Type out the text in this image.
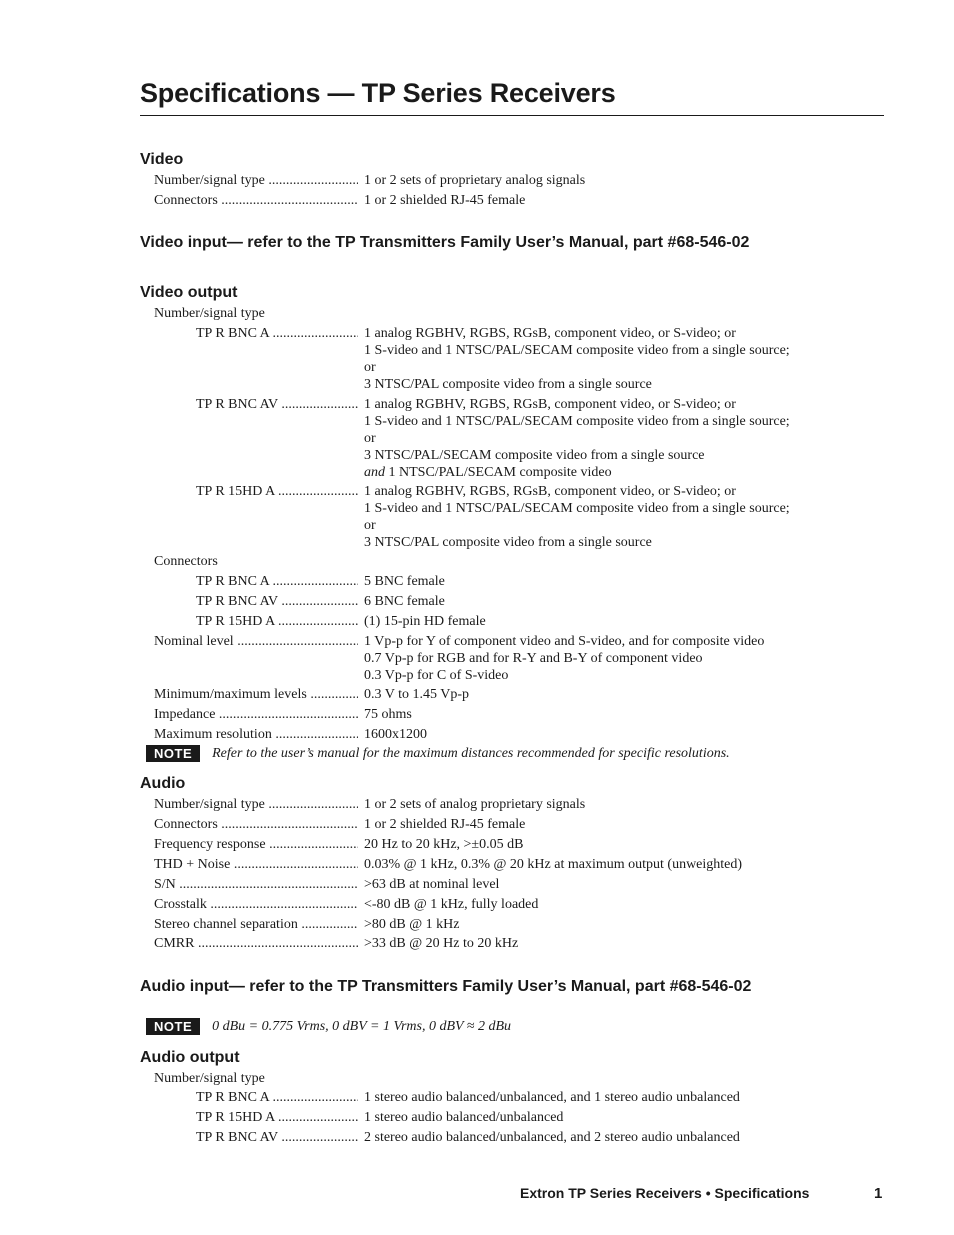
Specifications — TP Series Receivers
Video
Number/signal type .....	1 or 2 sets of proprietary analog signals
Connectors .....	1 or 2 shielded RJ-45 female
Video input— refer to the TP Transmitters Family User’s Manual, part #68-546-02
Video output
Number/signal type
TP R BNC A .....	1 analog RGBHV, RGBS, RGsB, component video, or S-video; or
1 S-video and 1 NTSC/PAL/SECAM composite video from a single source;
or
3 NTSC/PAL composite video from a single source
TP R BNC AV .....	1 analog RGBHV, RGBS, RGsB, component video, or S-video; or
1 S-video and 1 NTSC/PAL/SECAM composite video from a single source;
or
3 NTSC/PAL/SECAM composite video from a single source
and 1 NTSC/PAL/SECAM composite video
TP R 15HD A .....	1 analog RGBHV, RGBS, RGsB, component video, or S-video; or
1 S-video and 1 NTSC/PAL/SECAM composite video from a single source;
or
3 NTSC/PAL composite video from a single source
Connectors
TP R BNC A .....	5 BNC female
TP R BNC AV .....	6 BNC female
TP R 15HD A .....	(1) 15-pin HD female
Nominal level .....	1 Vp-p for Y of component video and S-video, and for composite video
0.7 Vp-p for RGB and for R-Y and B-Y of component video
0.3 Vp-p for C of S-video
Minimum/maximum levels .....	0.3 V to 1.45 Vp-p
Impedance .....	75 ohms
Maximum resolution .....	1600x1200
NOTE	Refer to the user’s manual for the maximum distances recommended for specific resolutions.
Audio
Number/signal type .....	1 or 2 sets of analog proprietary signals
Connectors .....	1 or 2 shielded RJ-45 female
Frequency response .....	20 Hz to 20 kHz, >±0.05 dB
THD + Noise .....	0.03% @ 1 kHz, 0.3% @ 20 kHz at maximum output (unweighted)
S/N .....	>63 dB at nominal level
Crosstalk .....	<-80 dB @ 1 kHz, fully loaded
Stereo channel separation .....	>80 dB @ 1 kHz
CMRR .....	>33 dB @ 20 Hz to 20 kHz
Audio input— refer to the TP Transmitters Family User’s Manual, part #68-546-02
NOTE	0 dBu = 0.775 Vrms, 0 dBV = 1 Vrms, 0 dBV ≈ 2 dBu
Audio output
Number/signal type
TP R BNC A .....	1 stereo audio balanced/unbalanced, and 1 stereo audio unbalanced
TP R 15HD A .....	1 stereo audio balanced/unbalanced
TP R BNC AV .....	2 stereo audio balanced/unbalanced, and 2 stereo audio unbalanced
Extron TP Series Receivers • Specifications	1
